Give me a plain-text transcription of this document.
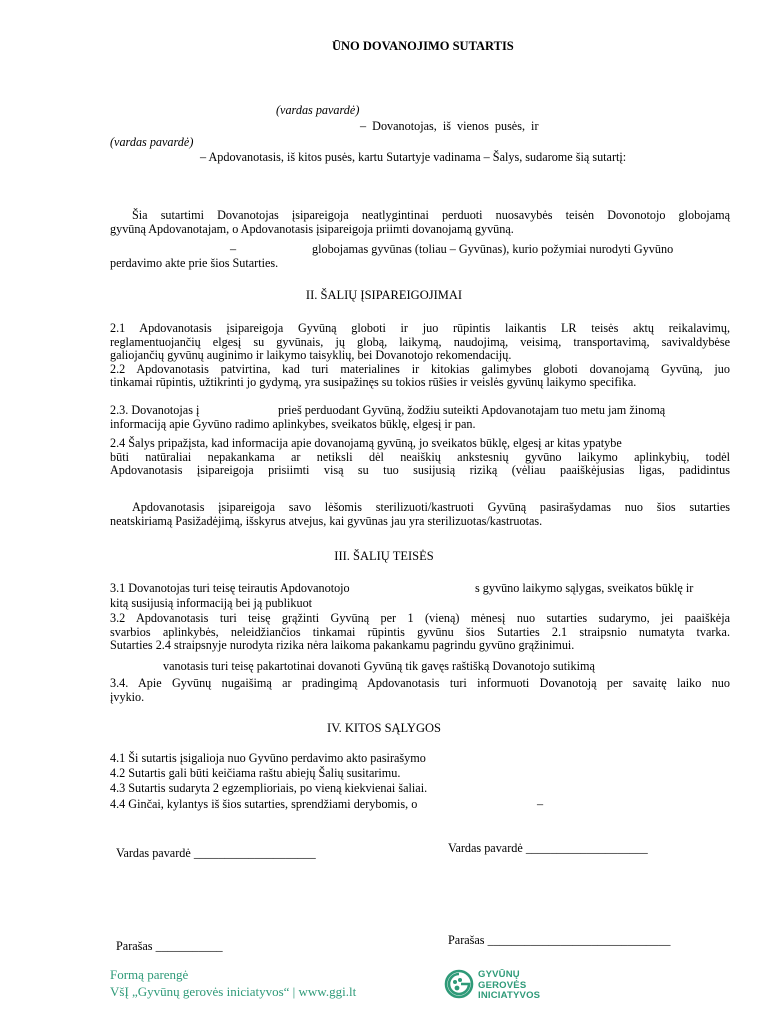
ŪNO DOVANOJIMO SUTARTIS
(vardas pavardė)
– Dovanotojas, iš vienos pusės, ir
(vardas pavardė)
– Apdovanotasis, iš kitos pusės, kartu Sutartyje vadinama – Šalys, sudarome šią sutartį:
Šia sutartimi Dovanotojas įsipareigoja neatlygintinai perduoti nuosavybės teisėn Dovonotojo globojamą
gyvūną Apdovanotajam, o Apdovanotasis įsipareigoja priimti dovanojamą gyvūną.
–	globojamas gyvūnas (toliau – Gyvūnas), kurio požymiai nurodyti Gyvūno
perdavimo akte prie šios Sutarties.
II. ŠALIŲ ĮSIPAREIGOJIMAI
2.1 Apdovanotasis įsipareigoja Gyvūną globoti ir juo rūpintis laikantis LR teisės aktų reikalavimų,
reglamentuojančių elgesį su gyvūnais, jų globą, laikymą, naudojimą, veisimą, transportavimą, savivaldybėse
galiojančių gyvūnų auginimo ir laikymo taisyklių, bei Dovanotojo rekomendacijų.
2.2 Apdovanotasis patvirtina, kad turi materialines ir kitokias galimybes globoti dovanojamą Gyvūną, juo
tinkamai rūpintis, užtikrinti jo gydymą, yra susipažinęs su tokios rūšies ir veislės gyvūnų laikymo specifika.
2.3. Dovanotojas į	prieš perduodant Gyvūną, žodžiu suteikti Apdovanotajam tuo metu jam žinomą
informaciją apie Gyvūno radimo aplinkybes, sveikatos būklę, elgesį ir pan.
2.4 Šalys pripažįsta, kad informacija apie dovanojamą gyvūną, jo sveikatos būklę, elgesį ar kitas ypatybe
būti natūraliai nepakankama ar netiksli dėl neaiškių ankstesnių gyvūno laikymo aplinkybių, todėl
Apdovanotasis įsipareigoja prisiimti visą su tuo susijusią riziką (vėliau paaiškėjusias ligas, padidintus
Apdovanotasis įsipareigoja savo lėšomis sterilizuoti/kastruoti Gyvūną pasirašydamas nuo šios sutarties
neatskiriamą Pasižadėjimą, išskyrus atvejus, kai gyvūnas jau yra sterilizuotas/kastruotas.
III. ŠALIŲ TEISĖS
3.1 Dovanotojas turi teisę teirautis Apdovanotojo	s gyvūno laikymo sąlygas, sveikatos būklę ir
kitą susijusią informaciją bei ją publikuot
3.2 Apdovanotasis turi teisę grąžinti Gyvūną per 1 (vieną) mėnesį nuo sutarties sudarymo, jei paaiškėja
svarbios aplinkybės, neleidžiančios tinkamai rūpintis gyvūnu šios Sutarties 2.1 straipsnio numatyta tvarka.
Sutarties 2.4 straipsnyje nurodyta rizika nėra laikoma pakankamu pagrindu gyvūno grąžinimui.
vanotasis turi teisę pakartotinai dovanoti Gyvūną tik gavęs raštišką Dovanotojo sutikimą
3.4. Apie Gyvūnų nugaišimą ar pradingimą Apdovanotasis turi informuoti Dovanotoją per savaitę laiko nuo
įvykio.
IV. KITOS SĄLYGOS
4.1 Ši sutartis įsigalioja nuo Gyvūno perdavimo akto pasirašymo
4.2 Sutartis gali būti keičiama raštu abiejų Šalių susitarimu.
4.3 Sutartis sudaryta 2 egzemplioriais, po vieną kiekvienai šaliai.
4.4 Ginčai, kylantys iš šios sutarties, sprendžiami derybomis, o	–
Vardas pavardė ____________________	Vardas pavardė ____________________
Parašas ___________	Parašas ______________________________
Formą parengė
VšĮ „Gyvūnų gerovės iniciatyvos“ | www.ggi.lt
GYVŪNŲ
GEROVĖS
INICIATYVOS
